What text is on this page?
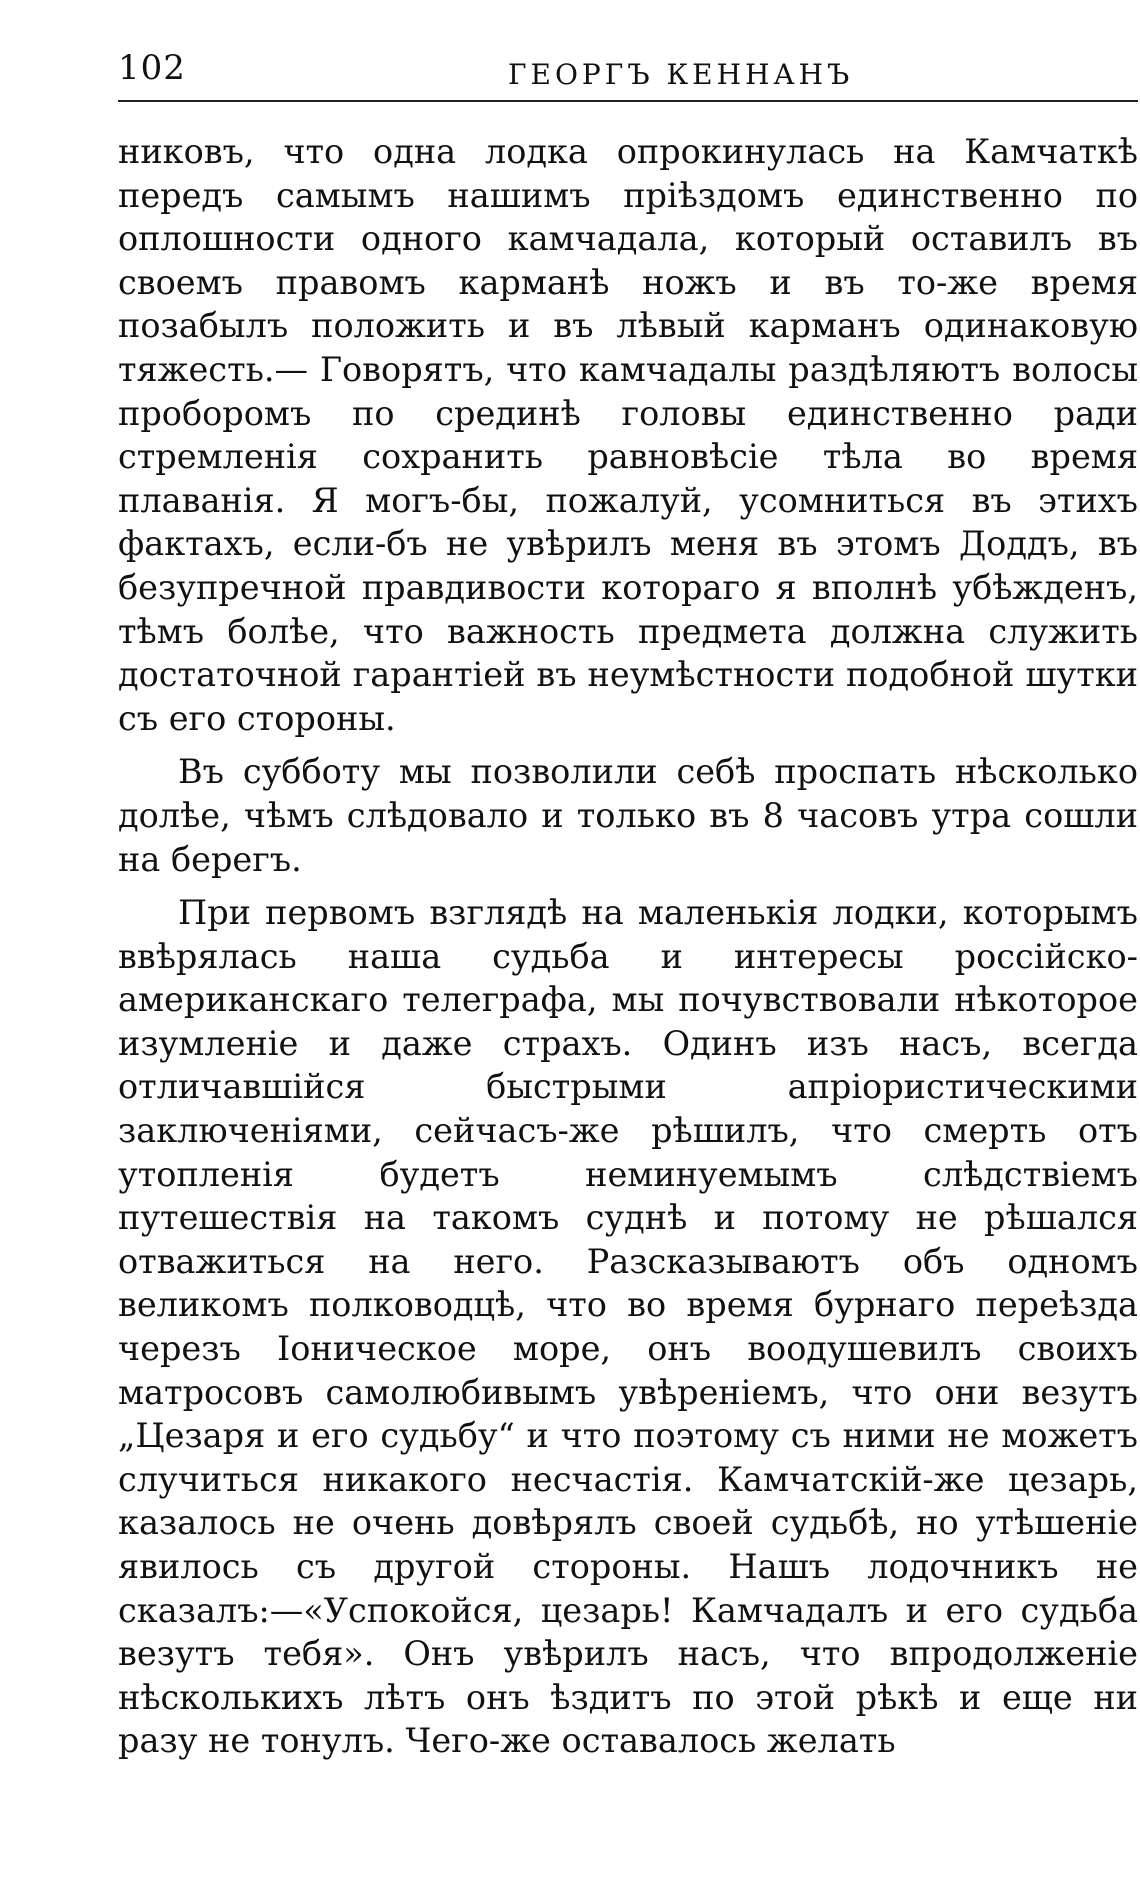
102	ГЕОРГЪ КЕННАНЪ

никовъ, что одна лодка опрокинулась на Камчаткѣ передъ самымъ нашимъ пріѣздомъ единственно по оплошности одного камчадала, который оставилъ въ своемъ правомъ карманѣ ножъ и въ то-же время позабылъ положить и въ лѣвый карманъ одинаковую тяжесть.— Говорятъ, что камчадалы раздѣляютъ волосы проборомъ по срединѣ головы единственно ради стремленія сохранить равновѣсіе тѣла во время плаванія. Я могъ-бы, пожалуй, усомниться въ этихъ фактахъ, если-бъ не увѣрилъ меня въ этомъ Доддъ, въ безупречной правдивости котораго я вполнѣ убѣжденъ, тѣмъ болѣе, что важность предмета должна служить достаточной гарантіей въ неумѣстности подобной шутки съ его стороны.

Въ субботу мы позволили себѣ проспать нѣсколько долѣе, чѣмъ слѣдовало и только въ 8 часовъ утра сошли на берегъ.

При первомъ взглядѣ на маленькія лодки, которымъ ввѣрялась наша судьба и интересы россійско-американскаго телеграфа, мы почувствовали нѣкоторое изумленіе и даже страхъ. Одинъ изъ насъ, всегда отличавшійся быстрыми апріористическими заключеніями, сейчасъ-же рѣшилъ, что смерть отъ утопленія будетъ неминуемымъ слѣдствіемъ путешествія на такомъ суднѣ и потому не рѣшался отважиться на него. Разсказываютъ объ одномъ великомъ полководцѣ, что во время бурнаго переѣзда черезъ Іоническое море, онъ воодушевилъ своихъ матросовъ самолюбивымъ увѣреніемъ, что они везутъ „Цезаря и его судьбу“ и что поэтому съ ними не можетъ случиться никакого несчастія. Камчатскій-же цезарь, казалось не очень довѣрялъ своей судьбѣ, но утѣшеніе явилось съ другой стороны. Нашъ лодочникъ не сказалъ:—«Успокойся, цезарь! Камчадалъ и его судьба везутъ тебя». Онъ увѣрилъ насъ, что впродолженіе нѣсколькихъ лѣтъ онъ ѣздитъ по этой рѣкѣ и еще ни разу не тонулъ. Чего-же оставалось желать
